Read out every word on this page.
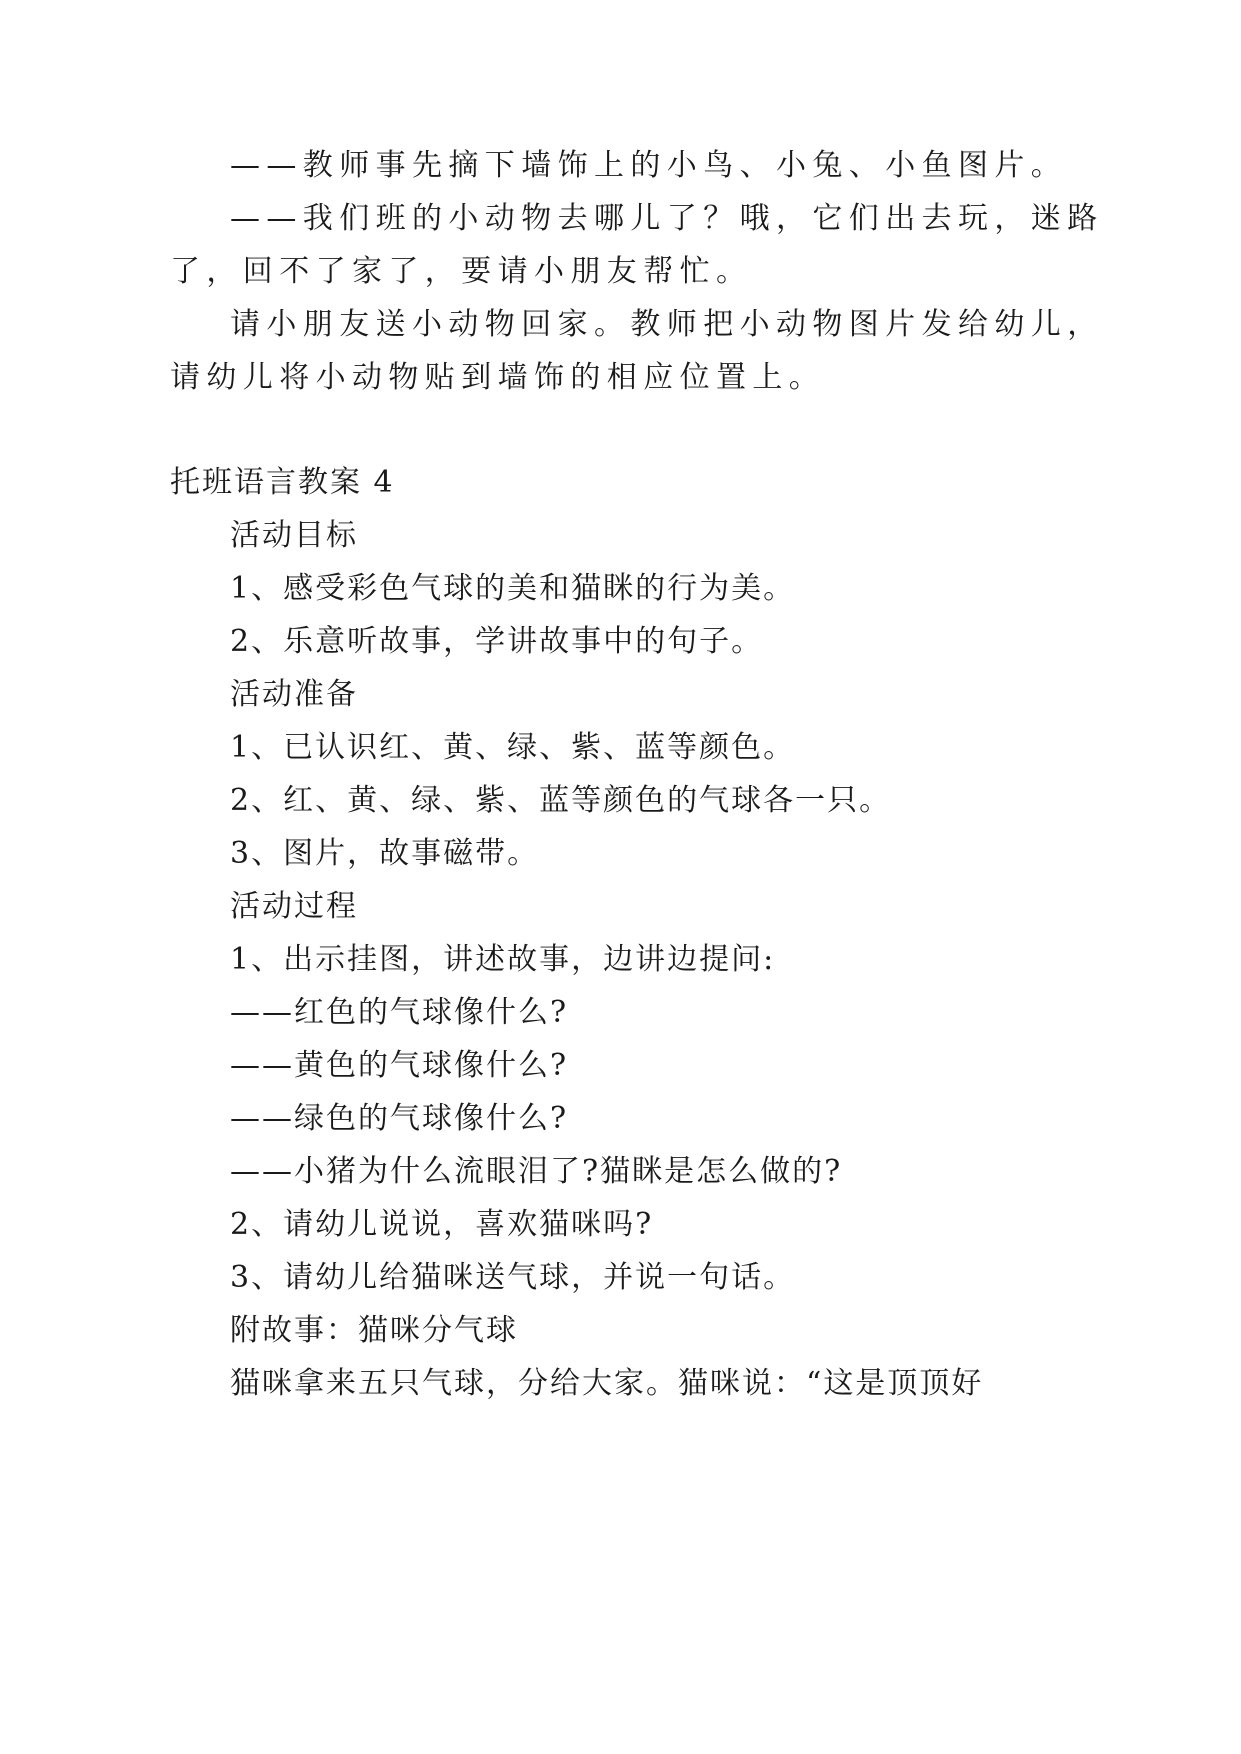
——教师事先摘下墙饰上的小鸟、小兔、小鱼图片。
——我们班的小动物去哪儿了？哦，它们出去玩，迷路
了，回不了家了，要请小朋友帮忙。
请小朋友送小动物回家。教师把小动物图片发给幼儿，
请幼儿将小动物贴到墙饰的相应位置上。
托班语言教案 4
活动目标
1、感受彩色气球的美和猫眯的行为美。
2、乐意听故事，学讲故事中的句子。
活动准备
1、已认识红、黄、绿、紫、蓝等颜色。
2、红、黄、绿、紫、蓝等颜色的气球各一只。
3、图片，故事磁带。
活动过程
1、出示挂图，讲述故事，边讲边提问:
——红色的气球像什么?
——黄色的气球像什么?
——绿色的气球像什么?
——小猪为什么流眼泪了?猫眯是怎么做的?
2、请幼儿说说，喜欢猫咪吗?
3、请幼儿给猫咪送气球，并说一句话。
附故事：猫咪分气球
猫咪拿来五只气球，分给大家。猫咪说：“这是顶顶好
